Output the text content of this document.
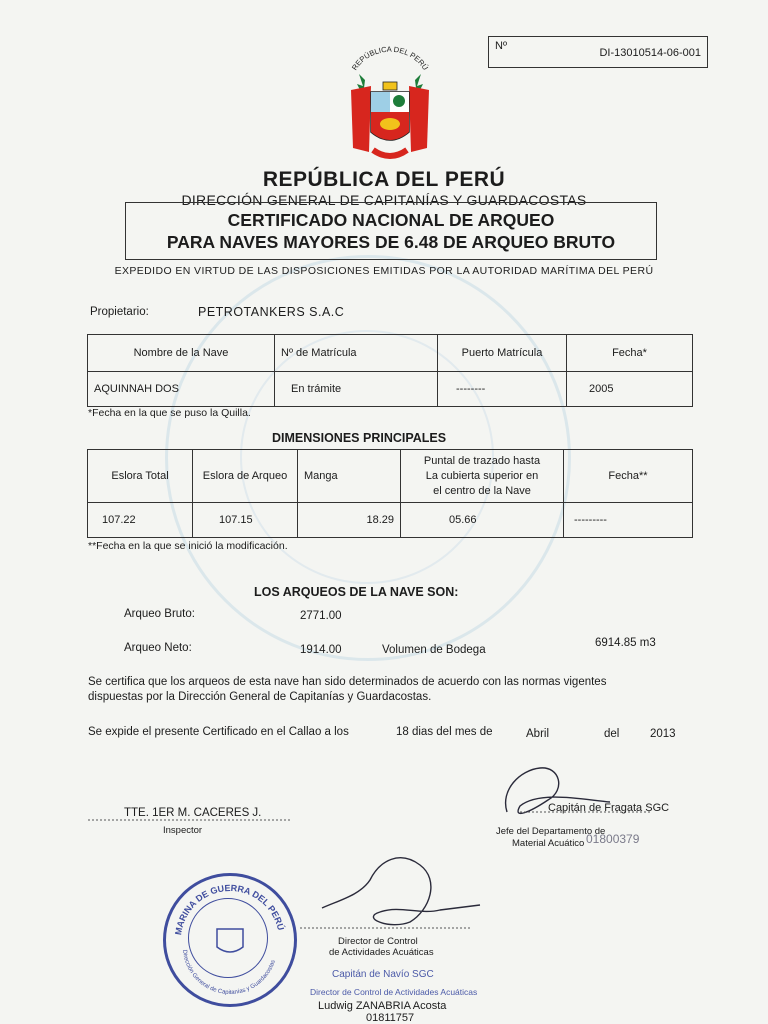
Nº
DI-13010514-06-001
REPÚBLICA DEL PERÚ
REPÚBLICA DEL PERÚ
DIRECCIÓN GENERAL DE CAPITANÍAS Y GUARDACOSTAS
CERTIFICADO NACIONAL DE ARQUEO
PARA NAVES MAYORES DE 6.48 DE ARQUEO BRUTO
EXPEDIDO EN VIRTUD DE LAS DISPOSICIONES EMITIDAS POR LA AUTORIDAD MARÍTIMA DEL PERÚ
Propietario:	PETROTANKERS S.A.C
Nombre de la Nave	Nº de Matrícula	Puerto Matrícula	Fecha*
AQUINNAH DOS	En trámite	--------	2005
*Fecha en la que se puso la Quilla.
DIMENSIONES PRINCIPALES
Eslora Total	Eslora de Arqueo	Manga	Puntal de trazado hasta
La cubierta superior en
el centro de la Nave	Fecha**
107.22	107.15	18.29	05.66	---------
**Fecha en la que se inició la modificación.
LOS ARQUEOS DE LA NAVE SON:
Arqueo Bruto:	2771.00
Arqueo Neto:	1914.00	Volumen de Bodega
6914.85 m3
Se certifica que los arqueos de esta nave han sido determinados de acuerdo con las normas vigentes
dispuestas por la Dirección General de Capitanías y Guardacostas.
Se expide el presente Certificado en el Callao a los	18 dias del mes de	Abril	del	2013
TTE. 1ER M. CACERES J.
Inspector
Capitán de Fragata SGC
Jefe del Departamento de
Material Acuático 01800379
Director de Control
de Actividades Acuáticas
Capitán de Navío SGC
Director de Control de Actividades Acuáticas
Ludwig ZANABRIA Acosta
01811757
MARINA DE GUERRA DEL PERÚ
Dirección General de Capitanías y Guardacostas
